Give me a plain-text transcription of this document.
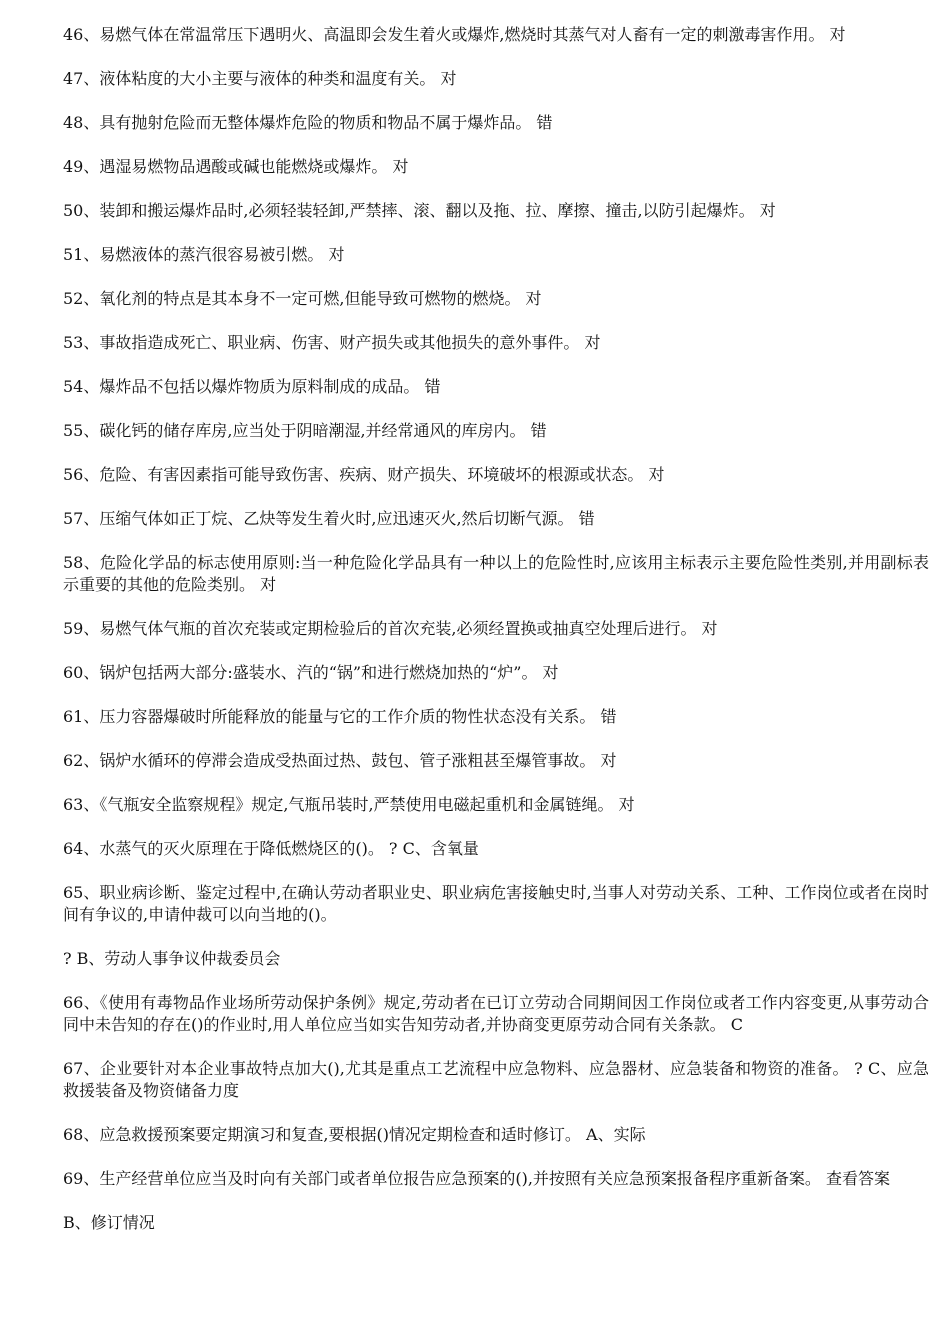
46、易燃气体在常温常压下遇明火、高温即会发生着火或爆炸,燃烧时其蒸气对人畜有一定的刺激毒害作用。 对

47、液体粘度的大小主要与液体的种类和温度有关。 对

48、具有抛射危险而无整体爆炸危险的物质和物品不属于爆炸品。 错

49、遇湿易燃物品遇酸或碱也能燃烧或爆炸。 对

50、装卸和搬运爆炸品时,必须轻装轻卸,严禁摔、滚、翻以及拖、拉、摩擦、撞击,以防引起爆炸。 对

51、易燃液体的蒸汽很容易被引燃。 对

52、氧化剂的特点是其本身不一定可燃,但能导致可燃物的燃烧。 对

53、事故指造成死亡、职业病、伤害、财产损失或其他损失的意外事件。 对

54、爆炸品不包括以爆炸物质为原料制成的成品。 错

55、碳化钙的储存库房,应当处于阴暗潮湿,并经常通风的库房内。 错

56、危险、有害因素指可能导致伤害、疾病、财产损失、环境破坏的根源或状态。 对

57、压缩气体如正丁烷、乙炔等发生着火时,应迅速灭火,然后切断气源。 错

58、危险化学品的标志使用原则:当一种危险化学品具有一种以上的危险性时,应该用主标表示主要危险性类别,并用副标表示重要的其他的危险类别。 对

59、易燃气体气瓶的首次充装或定期检验后的首次充装,必须经置换或抽真空处理后进行。 对

60、锅炉包括两大部分:盛装水、汽的“锅”和进行燃烧加热的“炉”。 对

61、压力容器爆破时所能释放的能量与它的工作介质的物性状态没有关系。 错

62、锅炉水循环的停滞会造成受热面过热、鼓包、管子涨粗甚至爆管事故。 对

63、《气瓶安全监察规程》规定,气瓶吊装时,严禁使用电磁起重机和金属链绳。 对

64、水蒸气的灭火原理在于降低燃烧区的()。 ? C、含氧量

65、职业病诊断、鉴定过程中,在确认劳动者职业史、职业病危害接触史时,当事人对劳动关系、工种、工作岗位或者在岗时间有争议的,申请仲裁可以向当地的()。

? B、劳动人事争议仲裁委员会

66、《使用有毒物品作业场所劳动保护条例》规定,劳动者在已订立劳动合同期间因工作岗位或者工作内容变更,从事劳动合同中未告知的存在()的作业时,用人单位应当如实告知劳动者,并协商变更原劳动合同有关条款。 C

67、企业要针对本企业事故特点加大(),尤其是重点工艺流程中应急物料、应急器材、应急装备和物资的准备。 ? C、应急救援装备及物资储备力度

68、应急救援预案要定期演习和复查,要根据()情况定期检查和适时修订。 A、实际

69、生产经营单位应当及时向有关部门或者单位报告应急预案的(),并按照有关应急预案报备程序重新备案。 查看答案

B、修订情况
